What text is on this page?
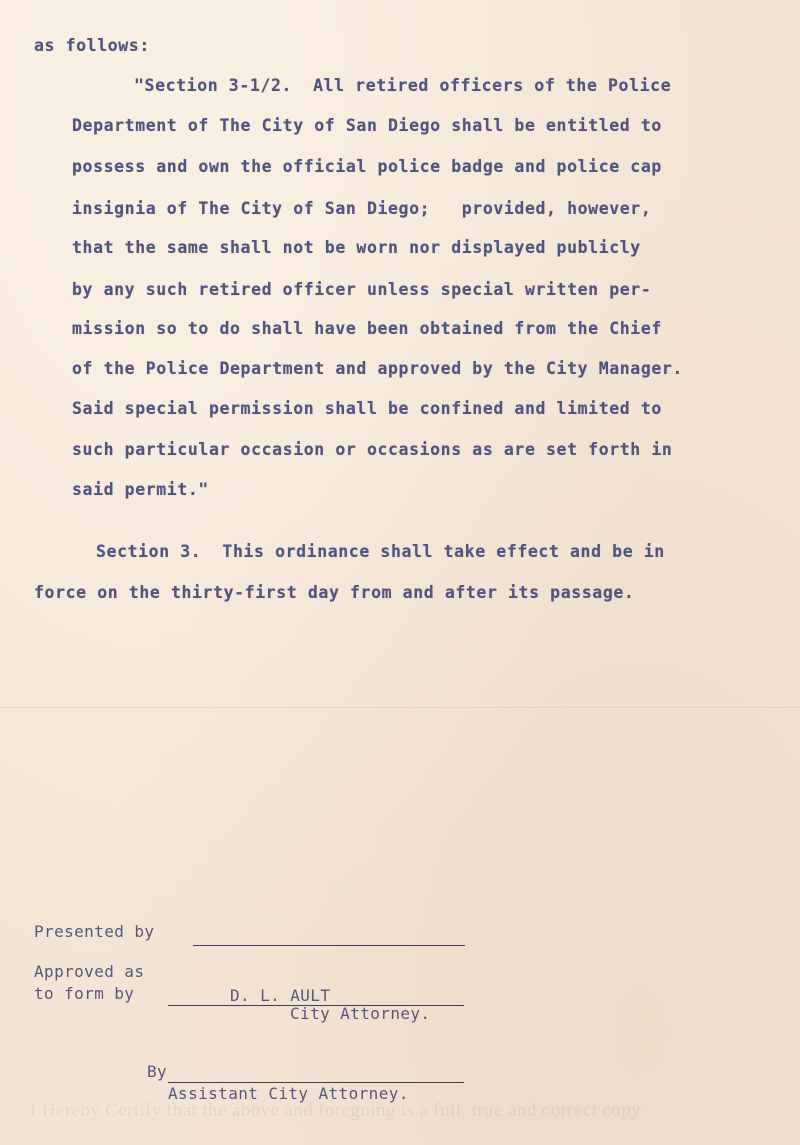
as follows:
"Section 3-1/2.  All retired officers of the Police
Department of The City of San Diego shall be entitled to
possess and own the official police badge and police cap
insignia of The City of San Diego;   provided, however,
that the same shall not be worn nor displayed publicly
by any such retired officer unless special written per-
mission so to do shall have been obtained from the Chief
of the Police Department and approved by the City Manager.
Said special permission shall be confined and limited to
such particular occasion or occasions as are set forth in
said permit."
Section 3.  This ordinance shall take effect and be in
force on the thirty-first day from and after its passage.
Presented by
Approved as
to form by	D. L. AULT
City Attorney.
By
Assistant City Attorney.
I Hereby Certify that the above and foregoing is a full, true and correct copy
